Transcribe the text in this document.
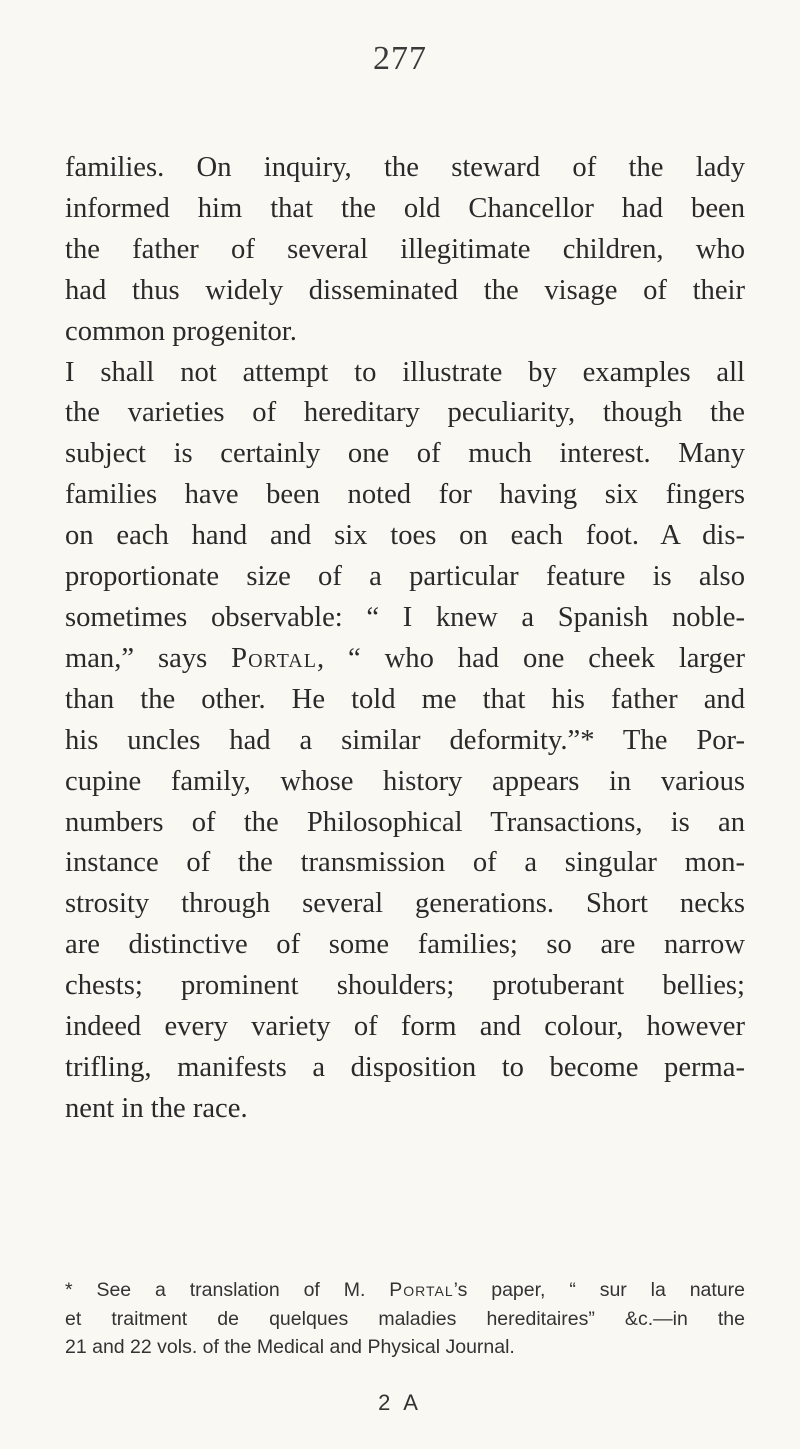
277
families. On inquiry, the steward of the lady
informed him that the old Chancellor had been
the father of several illegitimate children, who
had thus widely disseminated the visage of their
common progenitor.
I shall not attempt to illustrate by examples all
the varieties of hereditary peculiarity, though the
subject is certainly one of much interest. Many
families have been noted for having six fingers
on each hand and six toes on each foot. A dis-
proportionate size of a particular feature is also
sometimes observable: “ I knew a Spanish noble-
man,” says Portal, “ who had one cheek larger
than the other. He told me that his father and
his uncles had a similar deformity.”* The Por-
cupine family, whose history appears in various
numbers of the Philosophical Transactions, is an
instance of the transmission of a singular mon-
strosity through several generations. Short necks
are distinctive of some families; so are narrow
chests; prominent shoulders; protuberant bellies;
indeed every variety of form and colour, however
trifling, manifests a disposition to become perma-
nent in the race.
* See a translation of M. Portal’s paper, “ sur la nature
et traitment de quelques maladies hereditaires” &c.—in the
21 and 22 vols. of the Medical and Physical Journal.
2 A
